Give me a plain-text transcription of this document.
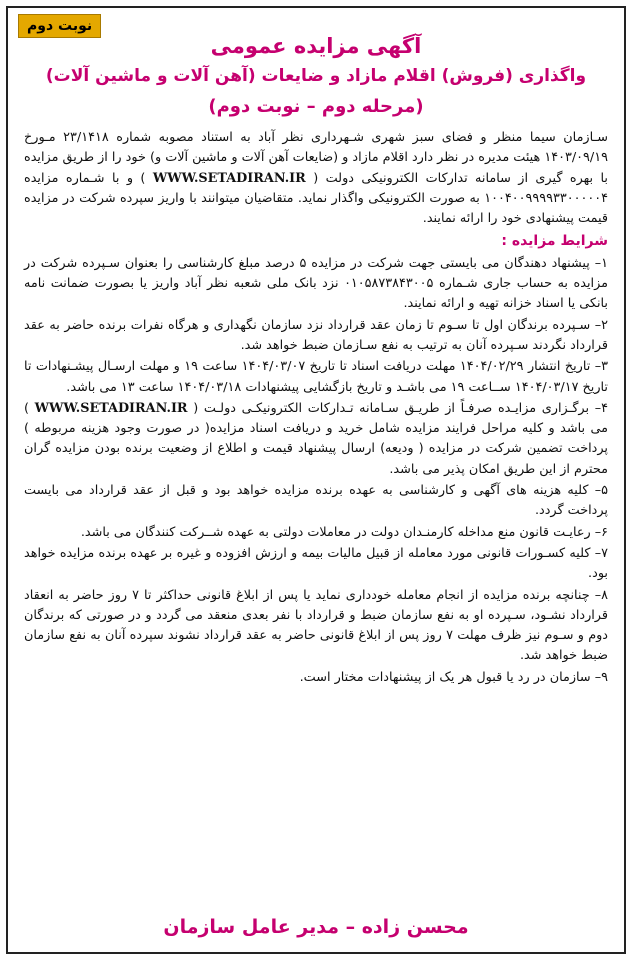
نوبت دوم
آگهی مزایده عمومی
واگذاری (فروش) اقلام مازاد و ضایعات (آهن آلات و ماشین آلات)
(مرحله دوم – نوبت دوم)

سـازمان سیما منظر و فضای سبز شهری شـهرداری نظر آباد به استناد مصوبه شماره ۲۳/۱۴۱۸ مـورخ ۱۴۰۳/۰۹/۱۹ هیئت مدیره در نظر دارد اقلام مازاد و (ضایعات آهن آلات و ماشین آلات و) خود را از طریق مزایده با بهره گیری از سامانه تدارکات الکترونیکی دولت ( WWW.SETADIRAN.IR ) و با شـماره مزایده ۱۰۰۴۰۰۹۹۹۹۳۳۰۰۰۰۰۴ به صورت الکترونیکی واگذار نماید. متقاضیان میتوانند با واریز سپرده شرکت در مزایده قیمت پیشنهادی خود را ارائه نمایند.

شرایط مزایده :

۱– پیشنهاد دهندگان می بایستی جهت شرکت در مزایده ۵ درصد مبلغ کارشناسی را بعنوان سـپرده شرکت در مزایده به حساب جاری شـماره ۰۱۰۵۸۷۳۸۴۳۰۰۵ نزد بانک ملی شعبه نظر آباد واریز یا بصورت ضمانت نامه بانکی یا اسناد خزانه تهیه و ارائه نمایند.

۲– سـپرده برندگان اول تا سـوم تا زمان عقد قرارداد نزد سازمان نگهداری و هرگاه نفرات برنده حاضر به عقد قرارداد نگردند سـپرده آنان به ترتیب به نفع سـازمان ضبط خواهد شد.

۳– تاریخ انتشار ۱۴۰۴/۰۲/۲۹ مهلت دریافت اسناد تا تاریخ ۱۴۰۴/۰۳/۰۷ ساعت ۱۹ و مهلت ارسـال پیشـنهادات تا تاریخ ۱۴۰۴/۰۳/۱۷ ســاعت ۱۹ می باشـد و تاریخ بازگشایی پیشنهادات ۱۴۰۴/۰۳/۱۸ ساعت ۱۳ می باشد.

۴– برگـزاری مزایـده صرفـاً از طریـق سـامانه تـدارکات الکترونیکـی دولـت ( WWW.SETADIRAN.IR ) می باشد و کلیه مراحل فرایند مزایده شامل خرید و دریافت اسناد مزایده( در صورت وجود هزینه مربوطه ) پرداخت تضمین شرکت در مزایده ( ودیعه) ارسال پیشنهاد قیمت و اطلاع از وضعیت برنده بودن مزایده گران محترم از این طریق امکان پذیر می باشد.

۵– کلیه هزینه های آگهی و کارشناسی به عهده برنده مزایده خواهد بود و قبل از عقد قرارداد می بایست پرداخت گردد.

۶– رعایـت قانون منع مداخله کارمنـدان دولت در معاملات دولتی به عهده شــرکت کنندگان می باشد.

۷– کلیه کسـورات قانونی مورد معامله از قبیل مالیات بیمه و ارزش افزوده و غیره بر عهده برنده مزایده خواهد بود.

۸– چنانچه برنده مزایده از انجام معامله خودداری نماید یا پس از ابلاغ قانونی حداکثر تا ۷ روز حاضر به انعقاد قرارداد نشـود، سـپرده او به نفع سازمان ضبط و قرارداد با نفر بعدی منعقد می گردد و در صورتی که برندگان دوم و سـوم نیز ظرف مهلت ۷ روز پس از ابلاغ قانونی حاضر به عقد قرارداد نشوند سپرده آنان به نفع سازمان ضبط خواهد شد.

۹– سازمان در رد یا قبول هر یک از پیشنهادات مختار است.

محسن زاده – مدیر عامل سازمان
